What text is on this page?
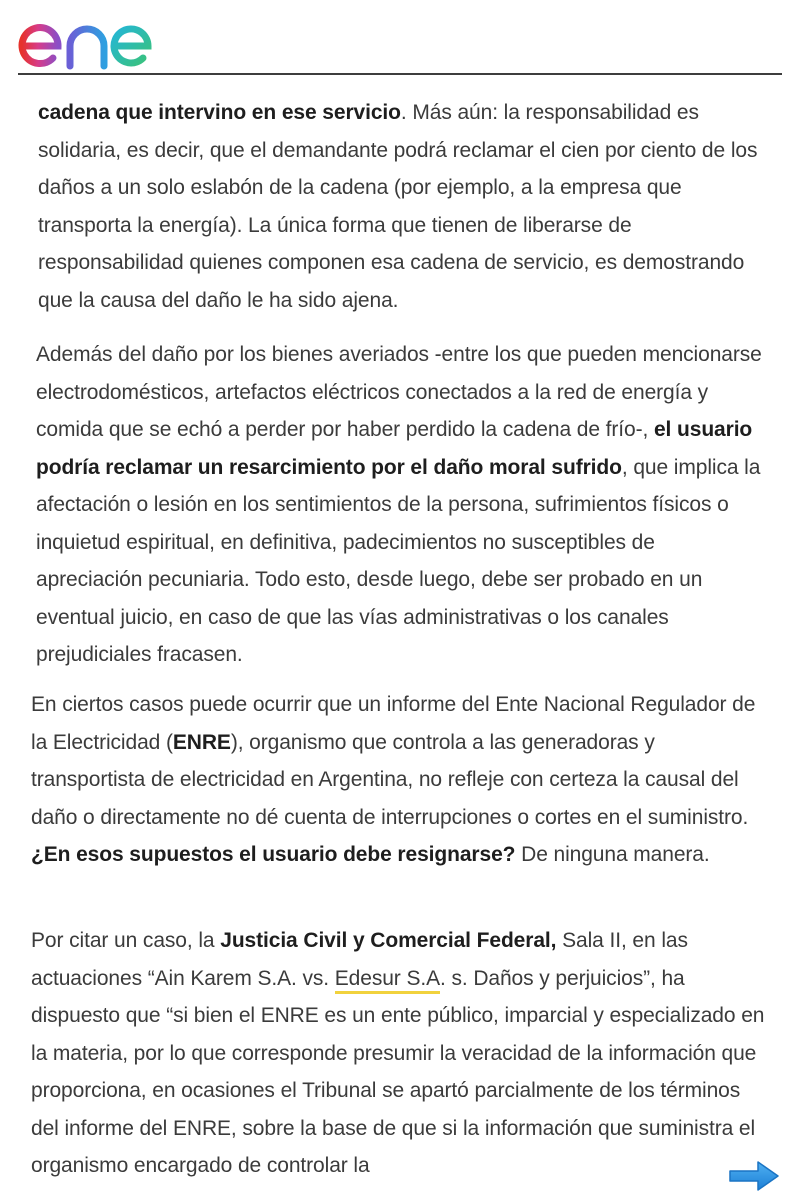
cadena que intervino en ese servicio. Más aún: la responsabilidad es solidaria, es decir, que el demandante podrá reclamar el cien por ciento de los daños a un solo eslabón de la cadena (por ejemplo, a la empresa que transporta la energía). La única forma que tienen de liberarse de responsabilidad quienes componen esa cadena de servicio, es demostrando que la causa del daño le ha sido ajena.

Además del daño por los bienes averiados -entre los que pueden mencionarse electrodomésticos, artefactos eléctricos conectados a la red de energía y comida que se echó a perder por haber perdido la cadena de frío-, el usuario podría reclamar un resarcimiento por el daño moral sufrido, que implica la afectación o lesión en los sentimientos de la persona, sufrimientos físicos o inquietud espiritual, en definitiva, padecimientos no susceptibles de apreciación pecuniaria. Todo esto, desde luego, debe ser probado en un eventual juicio, en caso de que las vías administrativas o los canales prejudiciales fracasen.

En ciertos casos puede ocurrir que un informe del Ente Nacional Regulador de la Electricidad (ENRE), organismo que controla a las generadoras y transportista de electricidad en Argentina, no refleje con certeza la causal del daño o directamente no dé cuenta de interrupciones o cortes en el suministro. ¿En esos supuestos el usuario debe resignarse? De ninguna manera.

Por citar un caso, la Justicia Civil y Comercial Federal, Sala II, en las actuaciones “Ain Karem S.A. vs. Edesur S.A. s. Daños y perjuicios”, ha dispuesto que “si bien el ENRE es un ente público, imparcial y especializado en la materia, por lo que corresponde presumir la veracidad de la información que proporciona, en ocasiones el Tribunal se apartó parcialmente de los términos del informe del ENRE, sobre la base de que si la información que suministra el organismo encargado de controlar la
